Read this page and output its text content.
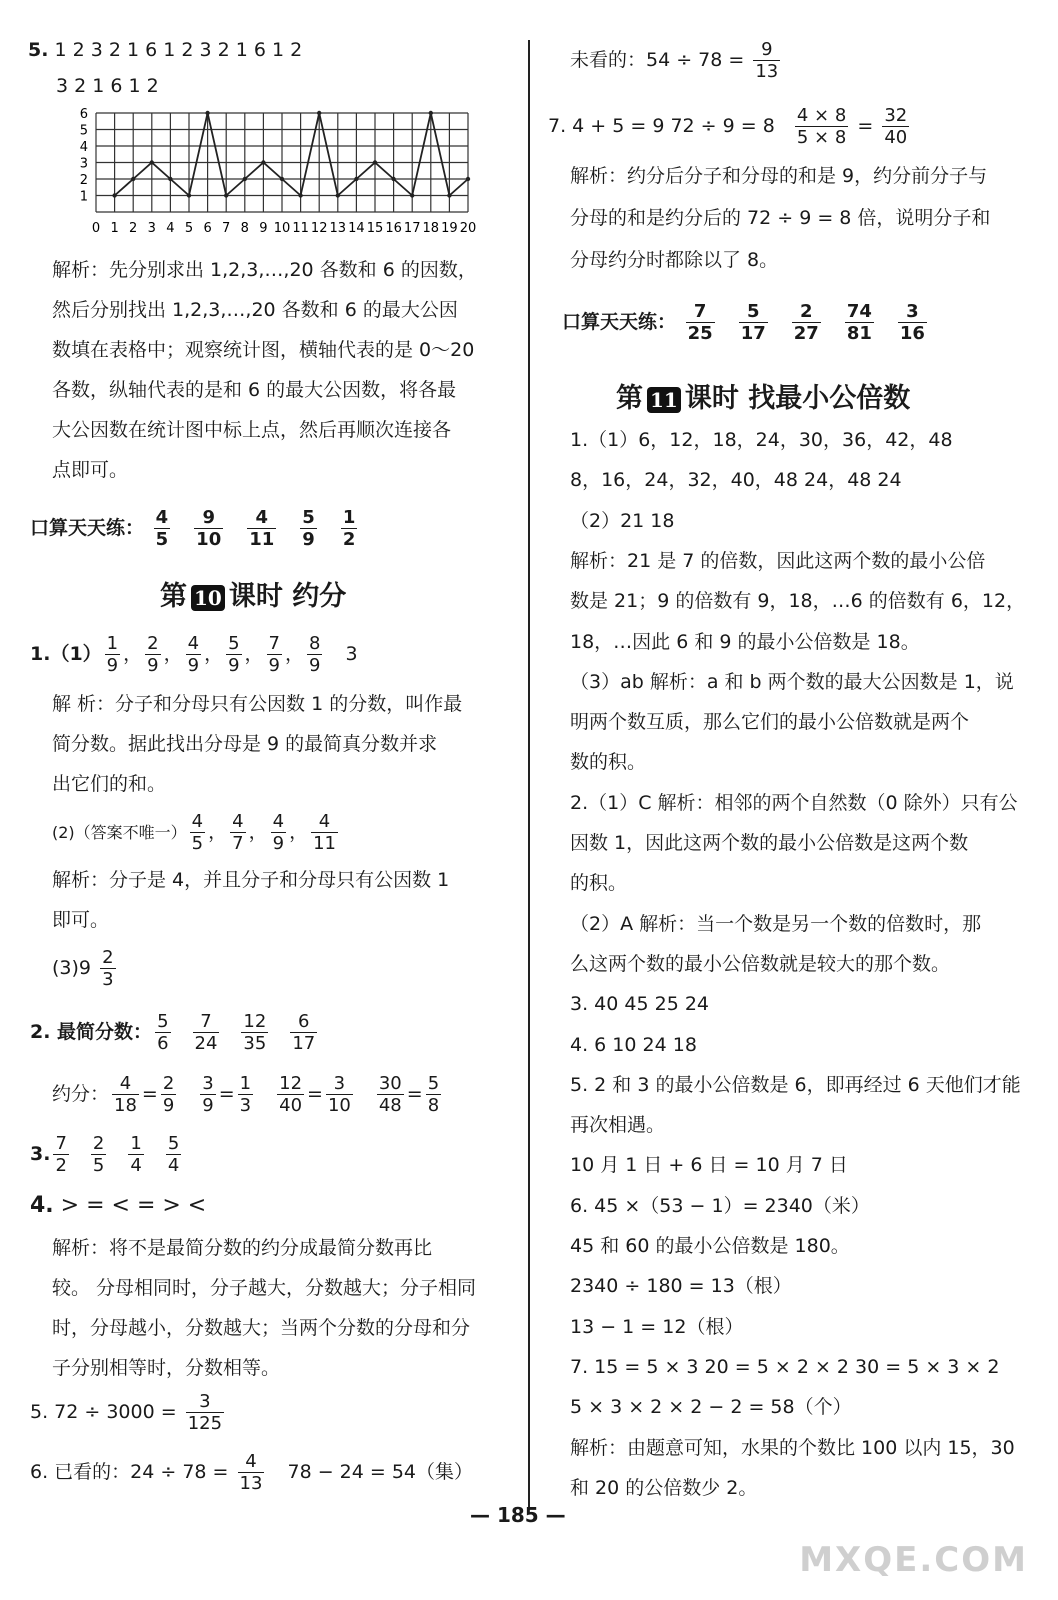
5. 1 2 3 2 1 6 1 2 3 2 1 6 1 2
3 2 1 6 1 2
0 1 2 3 4 5 6 7 8 9 10 11 12 13 14 15 16 17 18 19 20
1
2
3
4
5
6
解析：先分别求出 1,2,3,…,20 各数和 6 的因数，
然后分别找出 1,2,3,…,20 各数和 6 的最大公因
数填在表格中；观察统计图，横轴代表的是 0～20
各数，纵轴代表的是和 6 的最大公因数，将各最
大公因数在统计图中标上点，然后再顺次连接各
点即可。
口算天天练： $\frac{4}{5} \frac{9}{10} \frac{4}{11} \frac{5}{9} \frac{1}{2}$
第 10 课时 约分
$1.(1) \frac{1}{9}$ ， $\frac{2}{9}$ ， $\frac{4}{9}$ ， $\frac{5}{9}$ ， $\frac{7}{9}$ ， $\frac{8}{9} 3$
解 析：分子和分母只有公因数 1 的分数，叫作最
简分数。据此找出分母是 9 的最简真分数并求
出它们的和。
(2)（答案不唯一） $\frac{4}{5}$ ， $\frac{4}{7}$ ， $\frac{4}{9}$ ， $\frac{4}{11}$
解析：分子是 4，并且分子和分母只有公因数 1
即可。
$(3)9 \frac{2}{3}$
2. 最简分数： $\frac{5}{6} \frac{7}{24} \frac{12}{35} \frac{6}{17}$
约分： $\frac{4}{18} = \frac{2}{9} \frac{3}{9} = \frac{1}{3} \frac{12}{40} = \frac{3}{10} \frac{30}{48} = \frac{5}{8}$
3. $\frac{7}{2} \frac{2}{5} \frac{1}{4} \frac{5}{4}$
4. > = < = > <
解析：将不是最简分数的约分成最简分数再比
较。 分母相同时，分子越大，分数越大；分子相同
时，分母越小，分数越大；当两个分数的分母和分
子分别相等时，分数相等。
5. $72 \div 3000 = \frac{3}{125}$
6. 已看的：$24 \div 78 = \frac{4}{13} 78 - 24 = 54$（集）
未看的：$54 \div 78 = \frac{9}{13}$
7. 4 + 5 = 9 $72 \div 9 = 8 \frac{4 \times 8}{5 \times 8} = \frac{32}{40}$
解析：约分后分子和分母的和是 9，约分前分子与
分母的和是约分后的 72 ÷ 9 = 8 倍，说明分子和
分母约分时都除以了 8。
口算天天练： $\frac{7}{25} \frac{5}{17} \frac{2}{27} \frac{74}{81} \frac{3}{16}$
第 11 课时 找最小公倍数
1.（1）6，12，18，24，30，36，42，48
8，16，24，32，40，48 24，48 24
（2）21 18
解析：21 是 7 的倍数，因此这两个数的最小公倍
数是 21；9 的倍数有 9，18，…6 的倍数有 6，12，
18，…因此 6 和 9 的最小公倍数是 18。
（3）ab 解析：a 和 b 两个数的最大公因数是 1，说
明两个数互质，那么它们的最小公倍数就是两个
数的积。
2.（1）C 解析：相邻的两个自然数（0 除外）只有公
因数 1，因此这两个数的最小公倍数是这两个数
的积。
（2）A 解析：当一个数是另一个数的倍数时，那
么这两个数的最小公倍数就是较大的那个数。
3. 40 45 25 24
4. 6 10 24 18
5. 2 和 3 的最小公倍数是 6，即再经过 6 天他们才能
再次相遇。
10 月 1 日 + 6 日 = 10 月 7 日
6. 45 ×（53 − 1）= 2340（米）
45 和 60 的最小公倍数是 180。
2340 ÷ 180 = 13（根）
13 − 1 = 12（根）
7. 15 = 5 × 3 20 = 5 × 2 × 2 30 = 5 × 3 × 2
5 × 3 × 2 × 2 − 2 = 58（个）
解析：由题意可知，水果的个数比 100 以内 15，30
和 20 的公倍数少 2。
— 185 —
MXQE.COM
